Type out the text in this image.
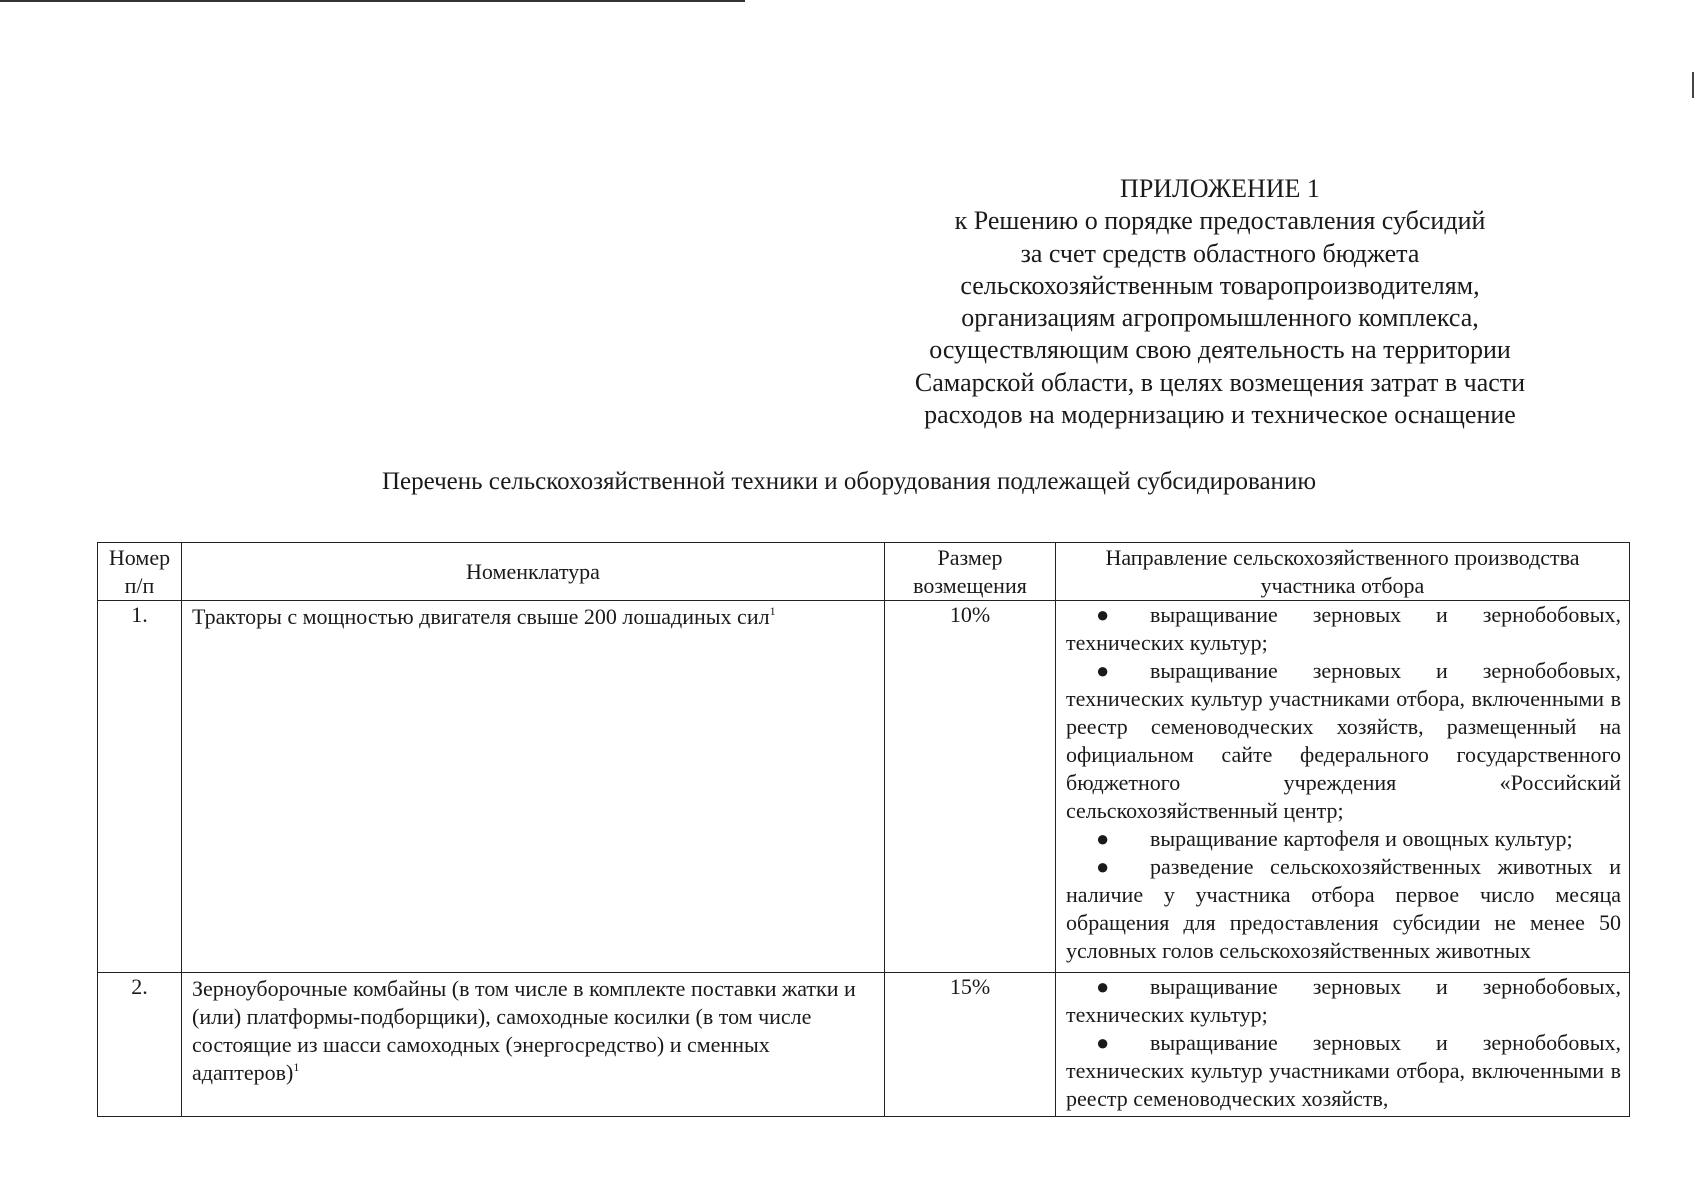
ПРИЛОЖЕНИЕ 1
к Решению о порядке предоставления субсидий
за счет средств областного бюджета
сельскохозяйственным товаропроизводителям,
организациям агропромышленного комплекса,
осуществляющим свою деятельность на территории
Самарской области, в целях возмещения затрат в части
расходов на модернизацию и техническое оснащение
Перечень сельскохозяйственной техники и оборудования подлежащей субсидированию
Номер п/п	Номенклатура	Размер возмещения	Направление сельскохозяйственного производства участника отбора
1.	Тракторы с мощностью двигателя свыше 200 лошадиных сил$^1$	10%	● выращивание зерновых и зернобобовых, технических культур;
● выращивание зерновых и зернобобовых, технических культур участниками отбора, включенными в реестр семеноводческих хозяйств, размещенный на официальном сайте федерального государственного бюджетного учреждения «Российский сельскохозяйственный центр;
● выращивание картофеля и овощных культур;
● разведение сельскохозяйственных животных и наличие у участника отбора первое число месяца обращения для предоставления субсидии не менее 50 условных голов сельскохозяйственных животных

2.	Зерноуборочные комбайны (в том числе в комплекте поставки жатки и (или) платформы-подборщики), самоходные косилки (в том числе состоящие из шасси самоходных (энергосредство) и сменных адаптеров)$^1$	15%	● выращивание зерновых и зернобобовых, технических культур;
● выращивание зерновых и зернобобовых, технических культур участниками отбора, включенными в реестр семеноводческих хозяйств,
